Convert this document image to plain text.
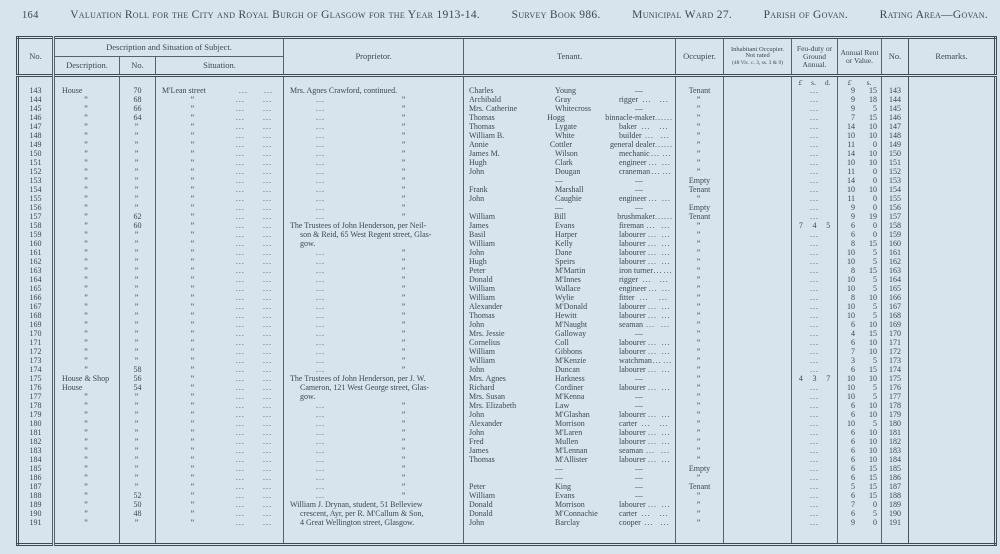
164	Valuation Roll for the City and Royal Burgh of Glasgow for the Year 1913-14.	Survey Book 986.	Municipal Ward 27.	Parish of Govan.	Rating Area—Govan.
No.	Description and Situation of Subject.			Proprietor.	Tenant.	Occupier.	Inhabitant Occupier.
Not rated
(48 Vic. c. 3, ss. 3 & 9)	Feu-duty or Ground Annual.	Annual Rent or Value.	No.	Remarks.
	Description.	No.	Situation.								

								£ s. d.	£ s.		

143	House	70	M'Lean street ... ...	Mrs. Agnes Crawford, continued.	Charles Young —	Tenant		...	9 15	143	
144	”	68	” ... ...	... ”	Archibald Gray rigger ... ...	”		...	9 18	144	
145	”	66	” ... ...	... ”	Mrs. Catherine Whitecross —	”		...	9 5	145	
146	”	64	” ... ...	... ”	Thomas Hogg binnacle-maker ... ...	”		...	7 15	146	
147	”	”	” ... ...	... ”	Thomas Lygate baker ... ...	”		...	14 10	147	
148	”	”	” ... ...	... ”	William B. White builder ... ...	”		...	10 10	148	
149	”	”	” ... ...	... ”	Annie Cottler general dealer ... ...	”		...	11 0	149	
150	”	”	” ... ...	... ”	James M. Wilson mechanic ... ...	”		...	14 10	150	
151	”	”	” ... ...	... ”	Hugh Clark engineer ... ...	”		...	10 10	151	
152	”	”	” ... ...	... ”	John Dougan craneman ... ...	”		...	11 0	152	
153	”	”	” ... ...	... ”	— —	Empty		...	14 0	153	
154	”	”	” ... ...	... ”	Frank Marshall —	Tenant		...	10 10	154	
155	”	”	” ... ...	... ”	John Caughie engineer ... ...	”		...	11 0	155	
156	”	”	” ... ...	... ”	— —	Empty		...	9 0	156	
157	”	62	” ... ...	... ”	William Bill brushmaker ... ...	Tenant		...	9 19	157	
158	”	60	” ... ...	The Trustees of John Henderson, per Neil-	James Evans fireman ... ...	”		7 4 5	6 0	158	
159	”	”	” ... ...	son & Reid, 65 West Regent street, Glas-	Basil Harper labourer ... ...	”		...	6 0	159	
160	”	”	” ... ...	gow.	William Kelly labourer ... ...	”		...	8 15	160	
161	”	”	” ... ...	... ”	John Dane labourer ... ...	”		...	10 5	161	
162	”	”	” ... ...	... ”	Hugh Speirs labourer ... ...	”		...	10 5	162	
163	”	”	” ... ...	... ”	Peter M'Martin iron turner ... ...	”		...	8 15	163	
164	”	”	” ... ...	... ”	Donald M'Innes rigger ... ...	”		...	10 5	164	
165	”	”	” ... ...	... ”	William Wallace engineer ... ...	”		...	10 5	165	
166	”	”	” ... ...	... ”	William Wylie fitter ... ...	”		...	8 10	166	
167	”	”	” ... ...	... ”	Alexander M'Donald labourer ... ...	”		...	10 5	167	
168	”	”	” ... ...	... ”	Thomas Hewitt labourer ... ...	”		...	10 5	168	
169	”	”	” ... ...	... ”	John M'Naught seaman ... ...	”		...	6 10	169	
170	”	”	” ... ...	... ”	Mrs. Jessie Galloway —	”		...	4 15	170	
171	”	”	” ... ...	... ”	Cornelius Coll labourer ... ...	”		...	6 10	171	
172	”	”	” ... ...	... ”	William Gibbons labourer ... ...	”		...	7 10	172	
173	”	”	” ... ...	... ”	William M'Kenzie watchman ... ...	”		...	3 5	173	
174	”	58	” ... ...	... ”	John Duncan labourer ... ...	”		...	6 15	174	
175	House & Shop	56	” ... ...	The Trustees of John Henderson, per J. W.	Mrs. Agnes Harkness —	”		4 3 7	10 10	175	
176	House	54	” ... ...	Cameron, 121 West George street, Glas-	Richard Cordiner labourer ... ...	”		...	10 5	176	
177	”	”	” ... ...	gow.	Mrs. Susan M'Kenna —	”		...	10 5	177	
178	”	”	” ... ...	... ”	Mrs. Elizabeth Law —	”		...	6 10	178	
179	”	”	” ... ...	... ”	John M'Glashan labourer ... ...	”		...	6 10	179	
180	”	”	” ... ...	... ”	Alexander Morrison carter ... ...	”		...	10 5	180	
181	”	”	” ... ...	... ”	John M'Laren labourer ... ...	”		...	6 10	181	
182	”	”	” ... ...	... ”	Fred Mullen labourer ... ...	”		...	6 10	182	
183	”	”	” ... ...	... ”	James M'Lennan seaman ... ...	”		...	6 10	183	
184	”	”	” ... ...	... ”	Thomas M'Allister labourer ... ...	”		...	6 10	184	
185	”	”	” ... ...	... ”	— —	Empty		...	6 15	185	
186	”	”	” ... ...	... ”	— —	”		...	6 15	186	
187	”	”	” ... ...	... ”	Peter King —	Tenant		...	5 15	187	
188	”	52	” ... ...	... ”	William Evans —	”		...	6 15	188	
189	”	50	” ... ...	William J. Drynan, student, 51 Belleview	Donald Morrison labourer ... ...	”		...	7 0	189	
190	”	48	” ... ...	crescent, Ayr, per R. M'Callum & Son,	Donald M'Connachie carter ... ...	”		...	6 5	190	
191	”	”	” ... ...	4 Great Wellington street, Glasgow.	John Barclay cooper ... ...	”		...	9 0	191	
